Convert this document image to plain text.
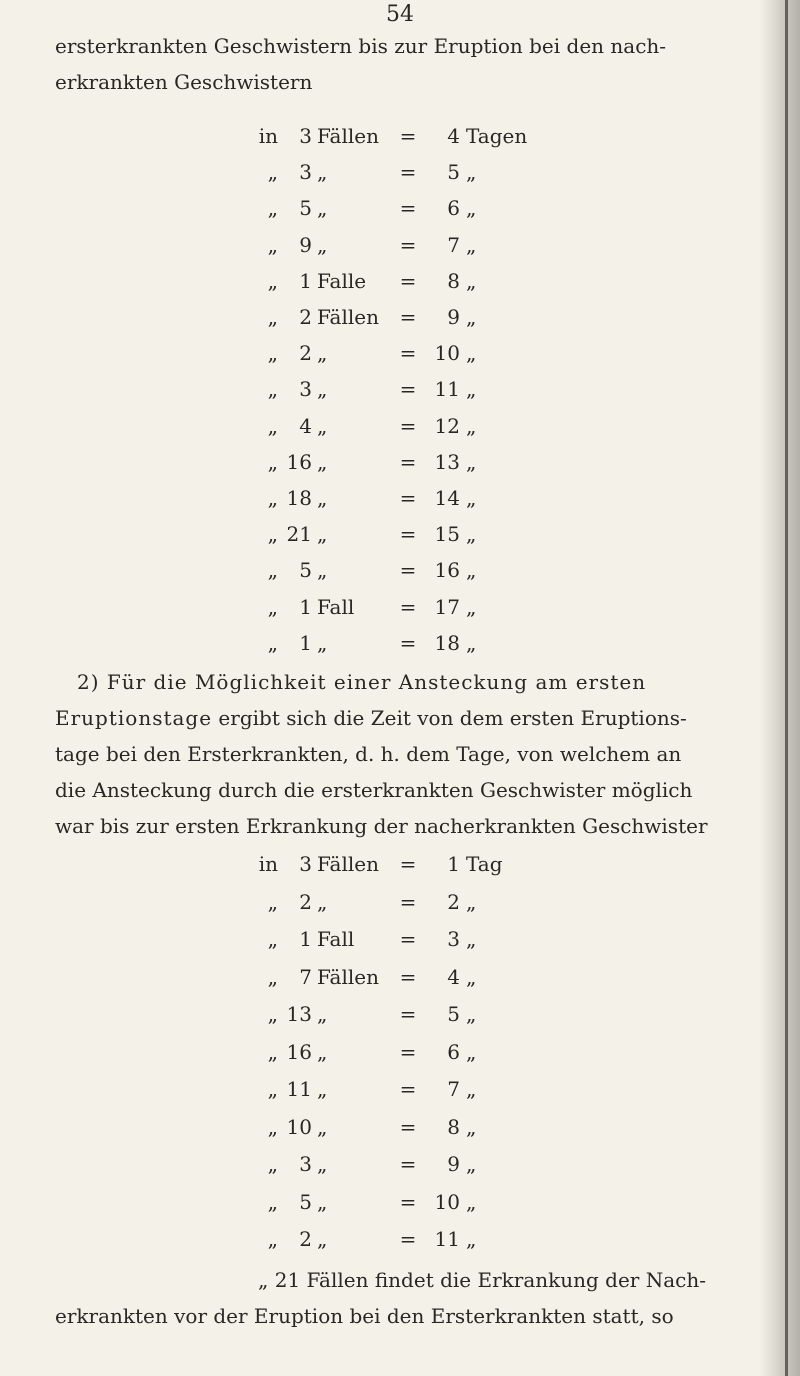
54
ersterkrankten Geschwistern bis zur Eruption bei den nach-
erkrankten Geschwistern
in	3 Fällen =	4 Tagen
„	3 „	=	5 „
„	5 „	=	6 „
„	9 „	=	7 „
„	1 Falle =	8 „
„	2 Fällen =	9 „
„	2 „	= 10 „
„	3 „	= 11 „
„	4 „	= 12 „
„ 16 „	= 13 „
„ 18 „	= 14 „
„ 21 „	= 15 „
„	5 „	= 16 „
„	1 Fall = 17 „
„	1 „	= 18 „
2) Für die Möglichkeit einer Ansteckung am ersten
Eruptionstage ergibt sich die Zeit von dem ersten Eruptions-
tage bei den Ersterkrankten, d. h. dem Tage, von welchem an
die Ansteckung durch die ersterkrankten Geschwister möglich
war bis zur ersten Erkrankung der nacherkrankten Geschwister
in	3 Fällen =	1 Tag
„	2 „	=	2 „
„	1 Fall =	3 „
„	7 Fällen =	4 „
„ 13 „	=	5 „
„ 16 „	=	6 „
„ 11 „	=	7 „
„ 10 „	=	8 „
„	3 „	=	9 „
„	5 „	= 10 „
„	2 „	= 11 „
„ 21 Fällen findet die Erkrankung der Nach-
erkrankten vor der Eruption bei den Ersterkrankten statt, so
